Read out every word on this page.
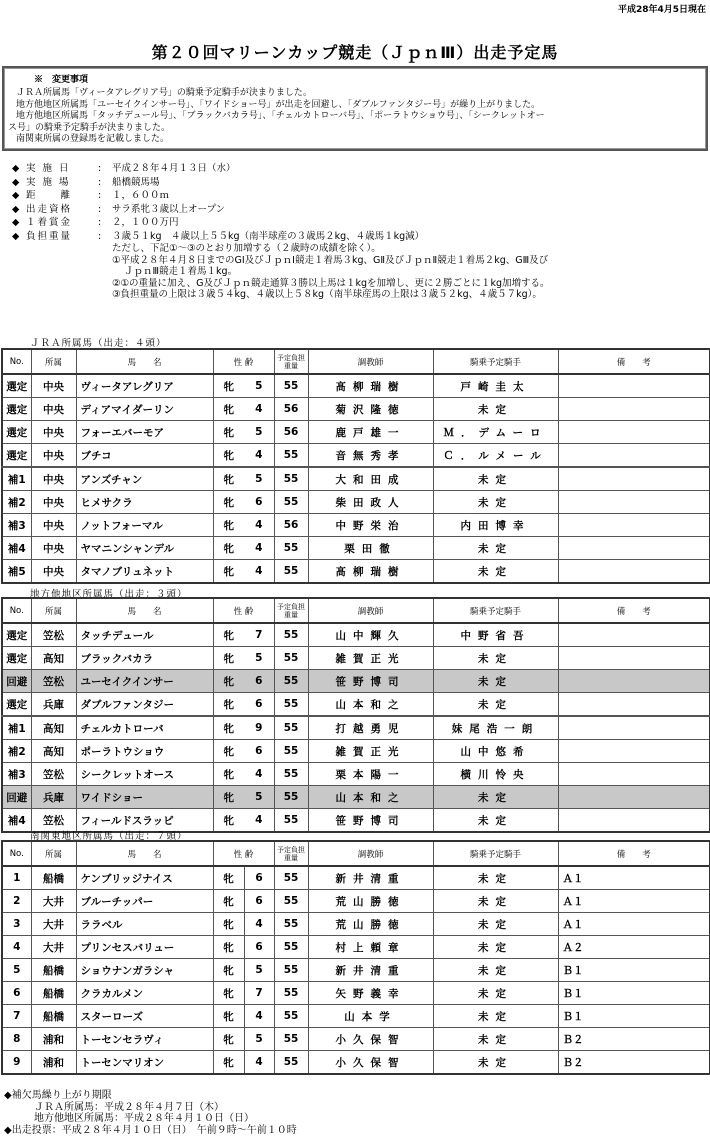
平成28年4月5日現在
第２０回マリーンカップ競走（ＪｐｎⅢ）出走予定馬
※　変更事項
ＪＲＡ所属馬「ヴィータアレグリア号」の騎乗予定騎手が決まりました。
地方他地区所属馬「ユーセイクインサー号」、「ワイドショー号」が出走を回避し、「ダブルファンタジー号」が繰り上がりました。
地方他地区所属馬「タッチデュール号」、「ブラックバカラ号」、「チェルカトローバ号」、「ポーラトウショウ号」、「シークレットオー
ス号」の騎乗予定騎手が決まりました。
南関東所属の登録馬を記載しました。
◆ 実 施 日	:	平成２８年４月１３日（水）
◆ 実 施 場	:	船橋競馬場
◆ 距　　離	:	１，６００ｍ
◆ 出走資格	:	サラ系牝３歳以上オープン
◆ １着賞金	:	２，１００万円
◆ 負担重量	:	３歳５１kg　４歳以上５５kg（南半球産の３歳馬２kg、４歳馬１kg減）
ただし、下記①～③のとおり加増する（２歳時の成績を除く）。
①平成２８年４月８日までのGⅠ及びＪｐｎⅠ競走１着馬３kg、GⅡ及びＪｐｎⅡ競走１着馬２kg、GⅢ及び
ＪｐｎⅢ競走１着馬１kg。
②①の重量に加え、G及びＪｐｎ競走通算３勝以上馬は１kgを加増し、更に２勝ごとに１kg加増する。
③負担重量の上限は３歳５４kg、４歳以上５８kg（南半球産馬の上限は３歳５２kg、４歳５７kg）。
ＪＲＡ所属馬（出走：４頭）
No.	所属	馬　　名	性 齢		予定負担重量	調教師	騎乗予定騎手	備　　考
選定	中央	ヴィータアレグリア	牝	5	55	髙柳瑞樹	戸崎圭太	
選定	中央	ディアマイダーリン	牝	4	56	菊沢隆徳	未定	
選定	中央	フォーエバーモア	牝	5	56	鹿戸雄一	Ｍ．デムーロ	
選定	中央	ブチコ	牝	4	55	音無秀孝	Ｃ．ルメール	
補1	中央	アンズチャン	牝	5	55	大和田成	未定	
補2	中央	ヒメサクラ	牝	6	55	柴田政人	未定	
補3	中央	ノットフォーマル	牝	4	56	中野栄治	内田博幸	
補4	中央	ヤマニンシャンデル	牝	4	55	栗田徹	未定	
補5	中央	タマノブリュネット	牝	4	55	髙柳瑞樹	未定	
地方他地区所属馬（出走：３頭）
No.	所属	馬　　名	性 齢		予定負担重量	調教師	騎乗予定騎手	備　　考
選定	笠松	タッチデュール	牝	7	55	山中輝久	中野省吾	
選定	高知	ブラックバカラ	牝	5	55	雑賀正光	未定	
回避	笠松	ユーセイクインサー	牝	6	55	笹野博司	未定	
選定	兵庫	ダブルファンタジー	牝	6	55	山本和之	未定	
補1	高知	チェルカトローバ	牝	9	55	打越勇児	妹尾浩一朗	
補2	高知	ポーラトウショウ	牝	6	55	雑賀正光	山中悠希	
補3	笠松	シークレットオース	牝	4	55	栗本陽一	横川怜央	
回避	兵庫	ワイドショー	牝	5	55	山本和之	未定	
補4	笠松	フィールドスラッピ	牝	4	55	笹野博司	未定	
南関東地区所属馬（出走：７頭）
No.	所属	馬　　名	性 齢		予定負担重量	調教師	騎乗予定騎手	備　　考
1	船橋	ケンブリッジナイス	牝	6	55	新井清重	未定	Ａ１
2	大井	ブルーチッパー	牝	6	55	荒山勝徳	未定	Ａ１
3	大井	ララベル	牝	4	55	荒山勝徳	未定	Ａ１
4	大井	プリンセスバリュー	牝	6	55	村上頼章	未定	Ａ２
5	船橋	ショウナンガラシャ	牝	5	55	新井清重	未定	Ｂ１
6	船橋	クラカルメン	牝	7	55	矢野義幸	未定	Ｂ１
7	船橋	スターローズ	牝	4	55	山本学	未定	Ｂ１
8	浦和	トーセンセラヴィ	牝	5	55	小久保智	未定	Ｂ２
9	浦和	トーセンマリオン	牝	4	55	小久保智	未定	Ｂ２
◆補欠馬繰り上がり期限
ＪＲＡ所属馬：平成２８年４月７日（木）
地方他地区所属馬：平成２８年４月１０日（日）
◆出走投票：平成２８年４月１０日（日）　午前９時～午前１０時
